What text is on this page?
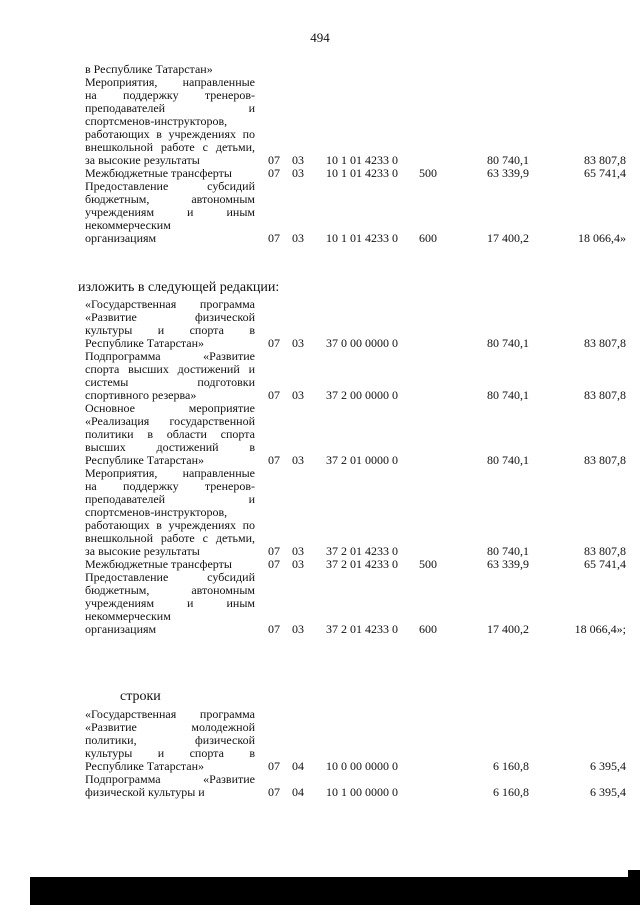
494
в Республике Татарстан»
Мероприятия, направленные
на поддержку тренеров-
преподавателей и
спортсменов-инструкторов,
работающих в учреждениях по
внешкольной работе с детьми,
за высокие результаты	07 03 10 1 01 4233 0	80 740,1	83 807,8
Межбюджетные трансферты	07 03 10 1 01 4233 0 500	63 339,9	65 741,4
Предоставление субсидий
бюджетным, автономным
учреждениям и иным
некоммерческим
организациям	07 03 10 1 01 4233 0 600	17 400,2	18 066,4»
изложить в следующей редакции:
«Государственная программа
«Развитие физической
культуры и спорта в
Республике Татарстан»	07 03 37 0 00 0000 0	80 740,1	83 807,8
Подпрограмма «Развитие
спорта высших достижений и
системы подготовки
спортивного резерва»	07 03 37 2 00 0000 0	80 740,1	83 807,8
Основное мероприятие
«Реализация государственной
политики в области спорта
высших достижений в
Республике Татарстан»	07 03 37 2 01 0000 0	80 740,1	83 807,8
Мероприятия, направленные
на поддержку тренеров-
преподавателей и
спортсменов-инструкторов,
работающих в учреждениях по
внешкольной работе с детьми,
за высокие результаты	07 03 37 2 01 4233 0	80 740,1	83 807,8
Межбюджетные трансферты	07 03 37 2 01 4233 0 500	63 339,9	65 741,4
Предоставление субсидий
бюджетным, автономным
учреждениям и иным
некоммерческим
организациям	07 03 37 2 01 4233 0 600	17 400,2	18 066,4»;
строки
«Государственная программа
«Развитие молодежной
политики, физической
культуры и спорта в
Республике Татарстан»	07 04 10 0 00 0000 0	6 160,8	6 395,4
Подпрограмма «Развитие
физической культуры и	07 04 10 1 00 0000 0	6 160,8	6 395,4
